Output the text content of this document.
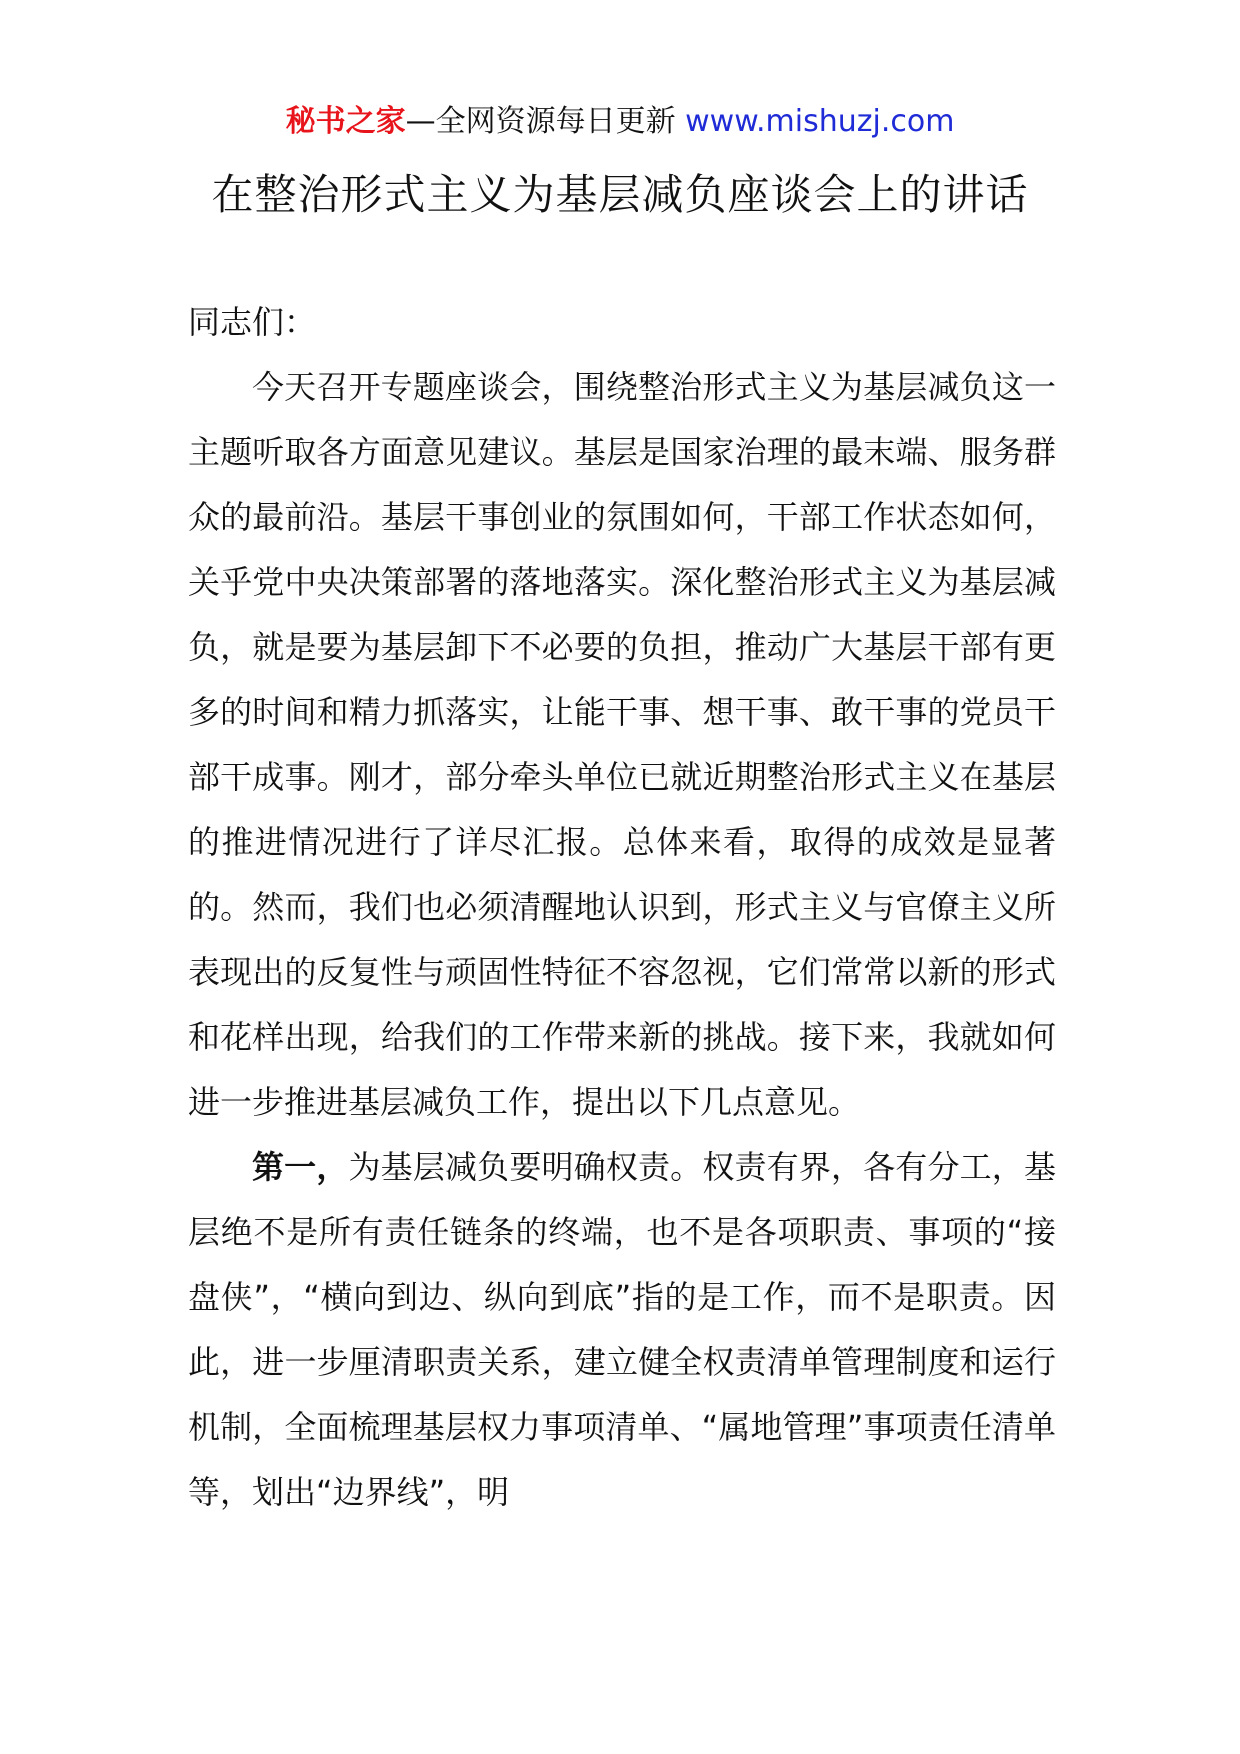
秘书之家—全网资源每日更新 www.mishuzj.com
在整治形式主义为基层减负座谈会上的讲话

同志们：

今天召开专题座谈会，围绕整治形式主义为基层减负这一主题听取各方面意见建议。基层是国家治理的最末端、服务群众的最前沿。基层干事创业的氛围如何，干部工作状态如何，关乎党中央决策部署的落地落实。深化整治形式主义为基层减负，就是要为基层卸下不必要的负担，推动广大基层干部有更多的时间和精力抓落实，让能干事、想干事、敢干事的党员干部干成事。刚才，部分牵头单位已就近期整治形式主义在基层的推进情况进行了详尽汇报。总体来看，取得的成效是显著的。然而，我们也必须清醒地认识到，形式主义与官僚主义所表现出的反复性与顽固性特征不容忽视，它们常常以新的形式和花样出现，给我们的工作带来新的挑战。接下来，我就如何进一步推进基层减负工作，提出以下几点意见。

第一，为基层减负要明确权责。权责有界，各有分工，基层绝不是所有责任链条的终端，也不是各项职责、事项的“接盘侠”，“横向到边、纵向到底”指的是工作，而不是职责。因此，进一步厘清职责关系，建立健全权责清单管理制度和运行机制，全面梳理基层权力事项清单、“属地管理”事项责任清单等，划出“边界线”，明
